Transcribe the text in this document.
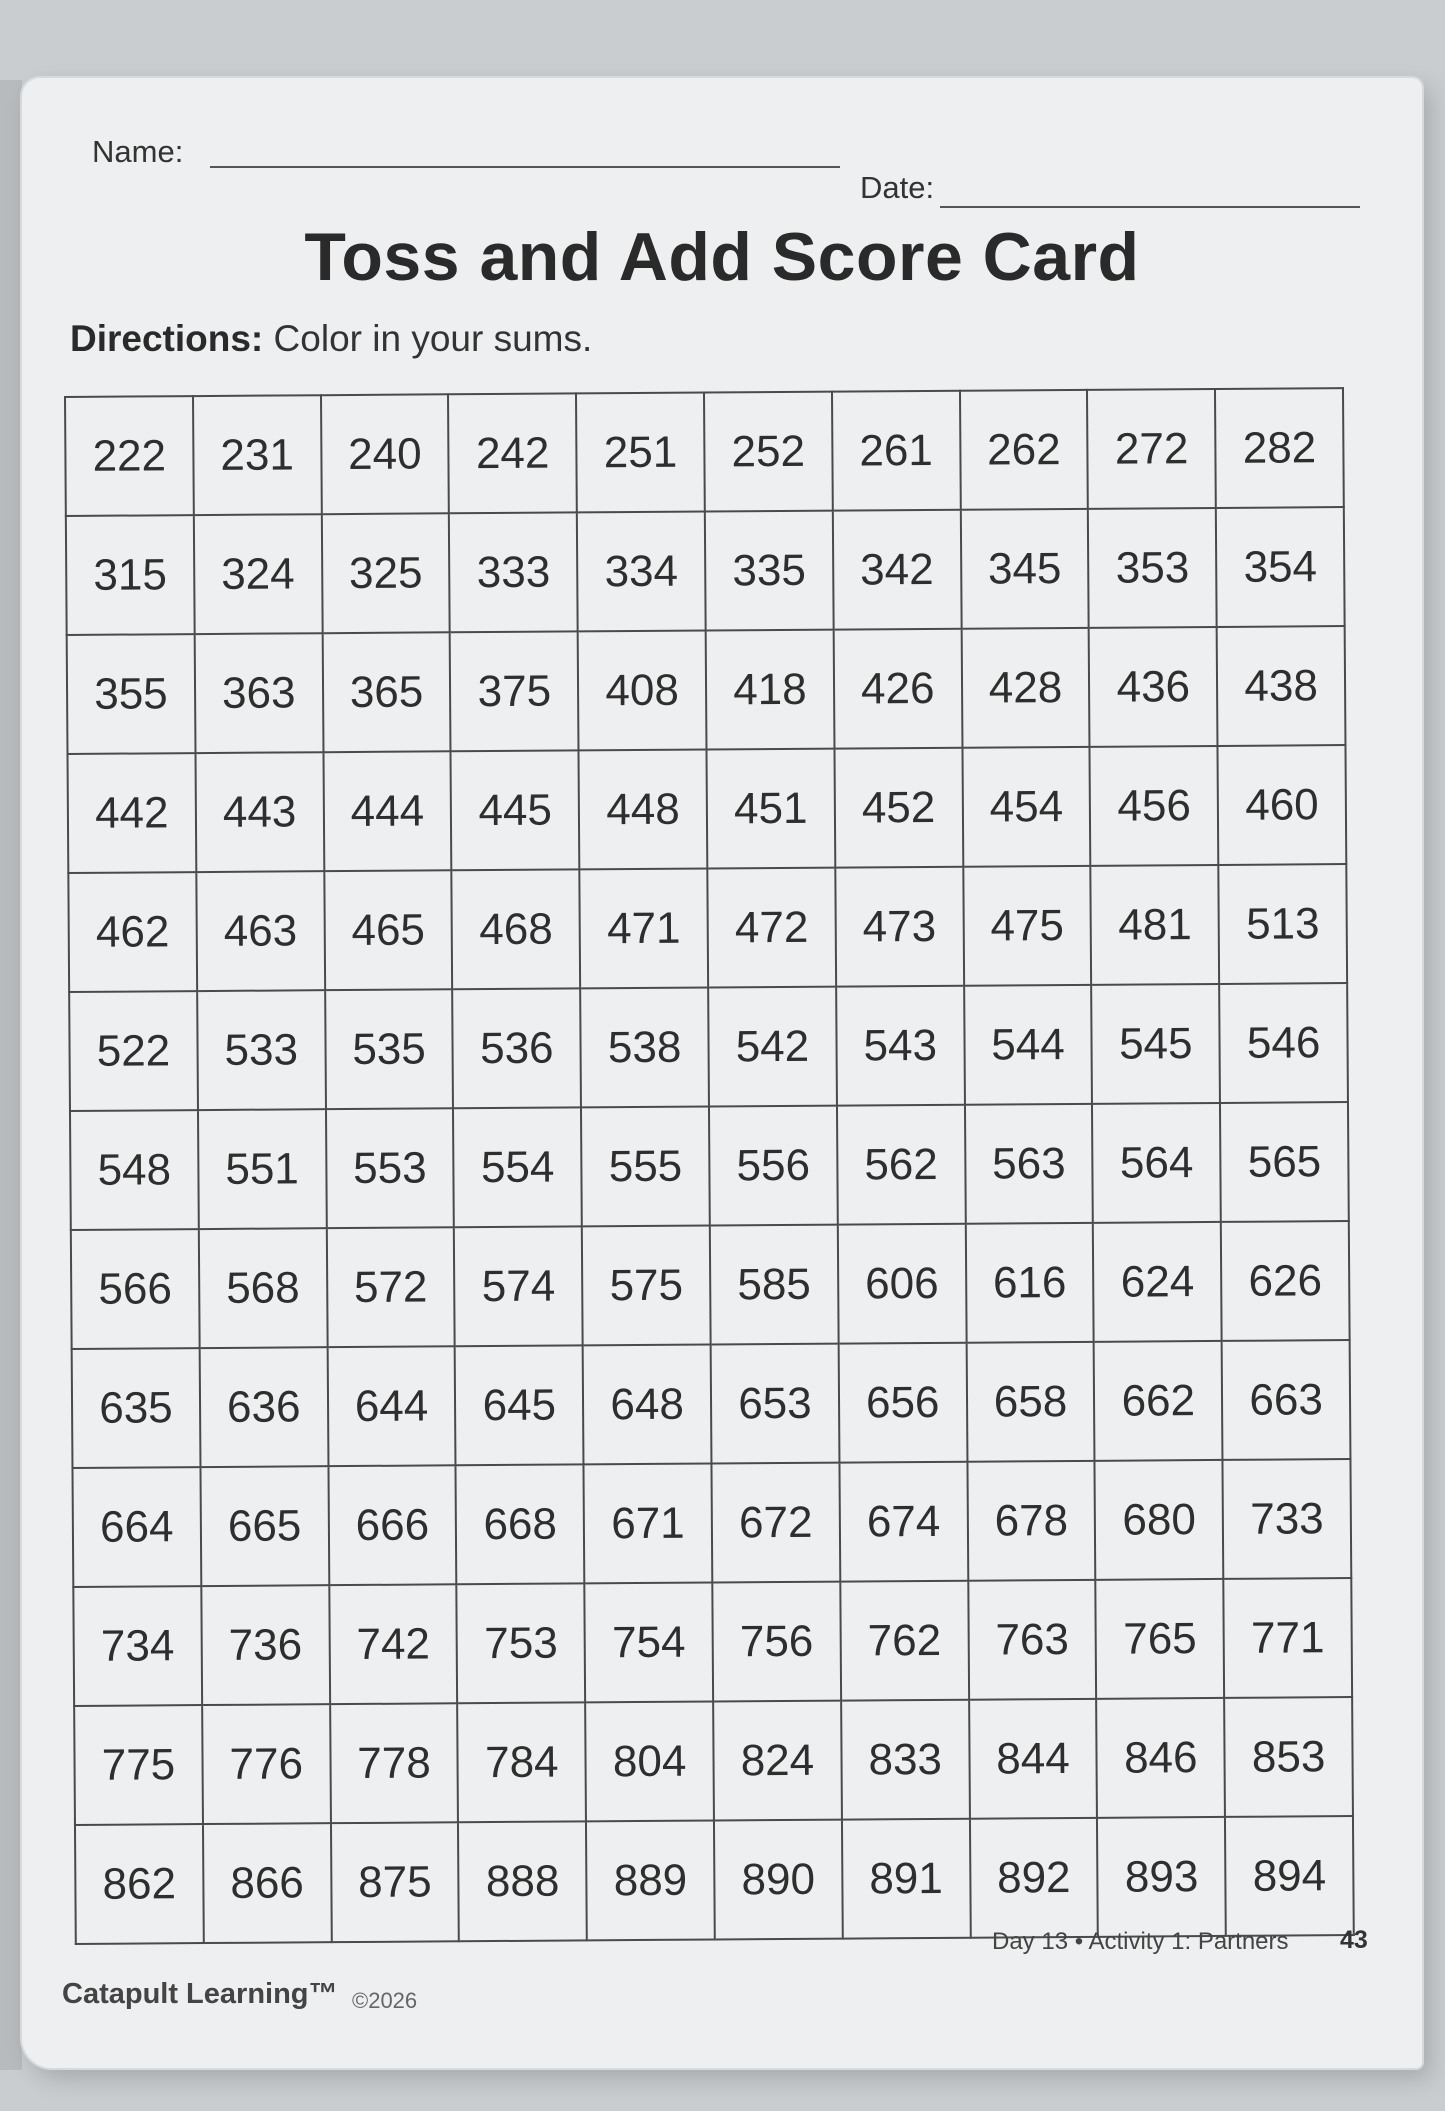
Name:
Date:
Toss and Add Score Card
Directions: Color in your sums.
222	231	240	242	251	252	261	262	272	282
315	324	325	333	334	335	342	345	353	354
355	363	365	375	408	418	426	428	436	438
442	443	444	445	448	451	452	454	456	460
462	463	465	468	471	472	473	475	481	513
522	533	535	536	538	542	543	544	545	546
548	551	553	554	555	556	562	563	564	565
566	568	572	574	575	585	606	616	624	626
635	636	644	645	648	653	656	658	662	663
664	665	666	668	671	672	674	678	680	733
734	736	742	753	754	756	762	763	765	771
775	776	778	784	804	824	833	844	846	853
862	866	875	888	889	890	891	892	893	894
Day 13 • Activity 1: Partners 43
Catapult Learning™ ©2026
